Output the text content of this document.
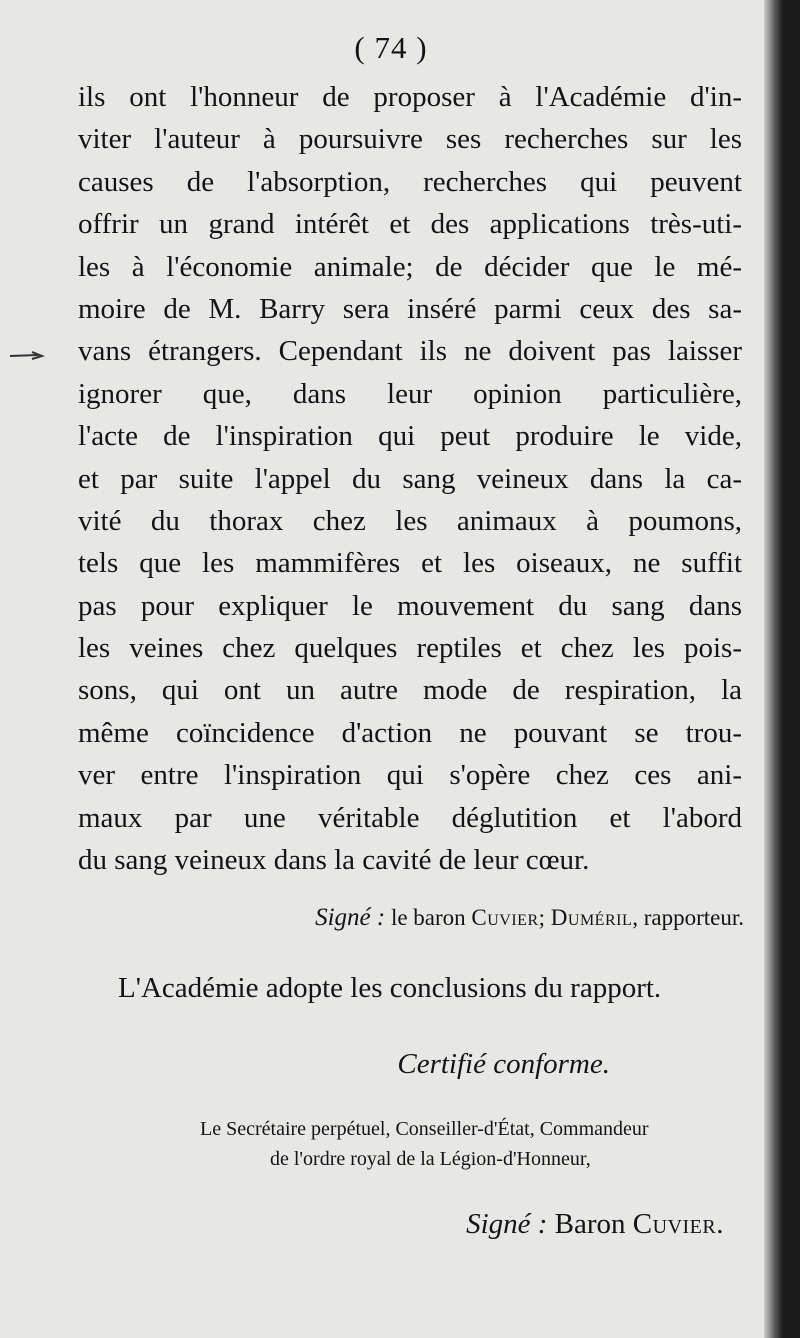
( 74 )
ils ont l'honneur de proposer à l'Académie d'in-
viter l'auteur à poursuivre ses recherches sur les
causes de l'absorption, recherches qui peuvent
offrir un grand intérêt et des applications très-uti-
les à l'économie animale; de décider que le mé-
moire de M. Barry sera inséré parmi ceux des sa-
vans étrangers. Cependant ils ne doivent pas laisser
ignorer que, dans leur opinion particulière,
l'acte de l'inspiration qui peut produire le vide,
et par suite l'appel du sang veineux dans la ca-
vité du thorax chez les animaux à poumons,
tels que les mammifères et les oiseaux, ne suffit
pas pour expliquer le mouvement du sang dans
les veines chez quelques reptiles et chez les pois-
sons, qui ont un autre mode de respiration, la
même coïncidence d'action ne pouvant se trou-
ver entre l'inspiration qui s'opère chez ces ani-
maux par une véritable déglutition et l'abord
du sang veineux dans la cavité de leur cœur.
Signé : le baron Cuvier; Duméril, rapporteur.
L'Académie adopte les conclusions du rapport.
Certifié conforme.
Le Secrétaire perpétuel, Conseiller-d'État, Commandeur
de l'ordre royal de la Légion-d'Honneur,
Signé : Baron Cuvier.
